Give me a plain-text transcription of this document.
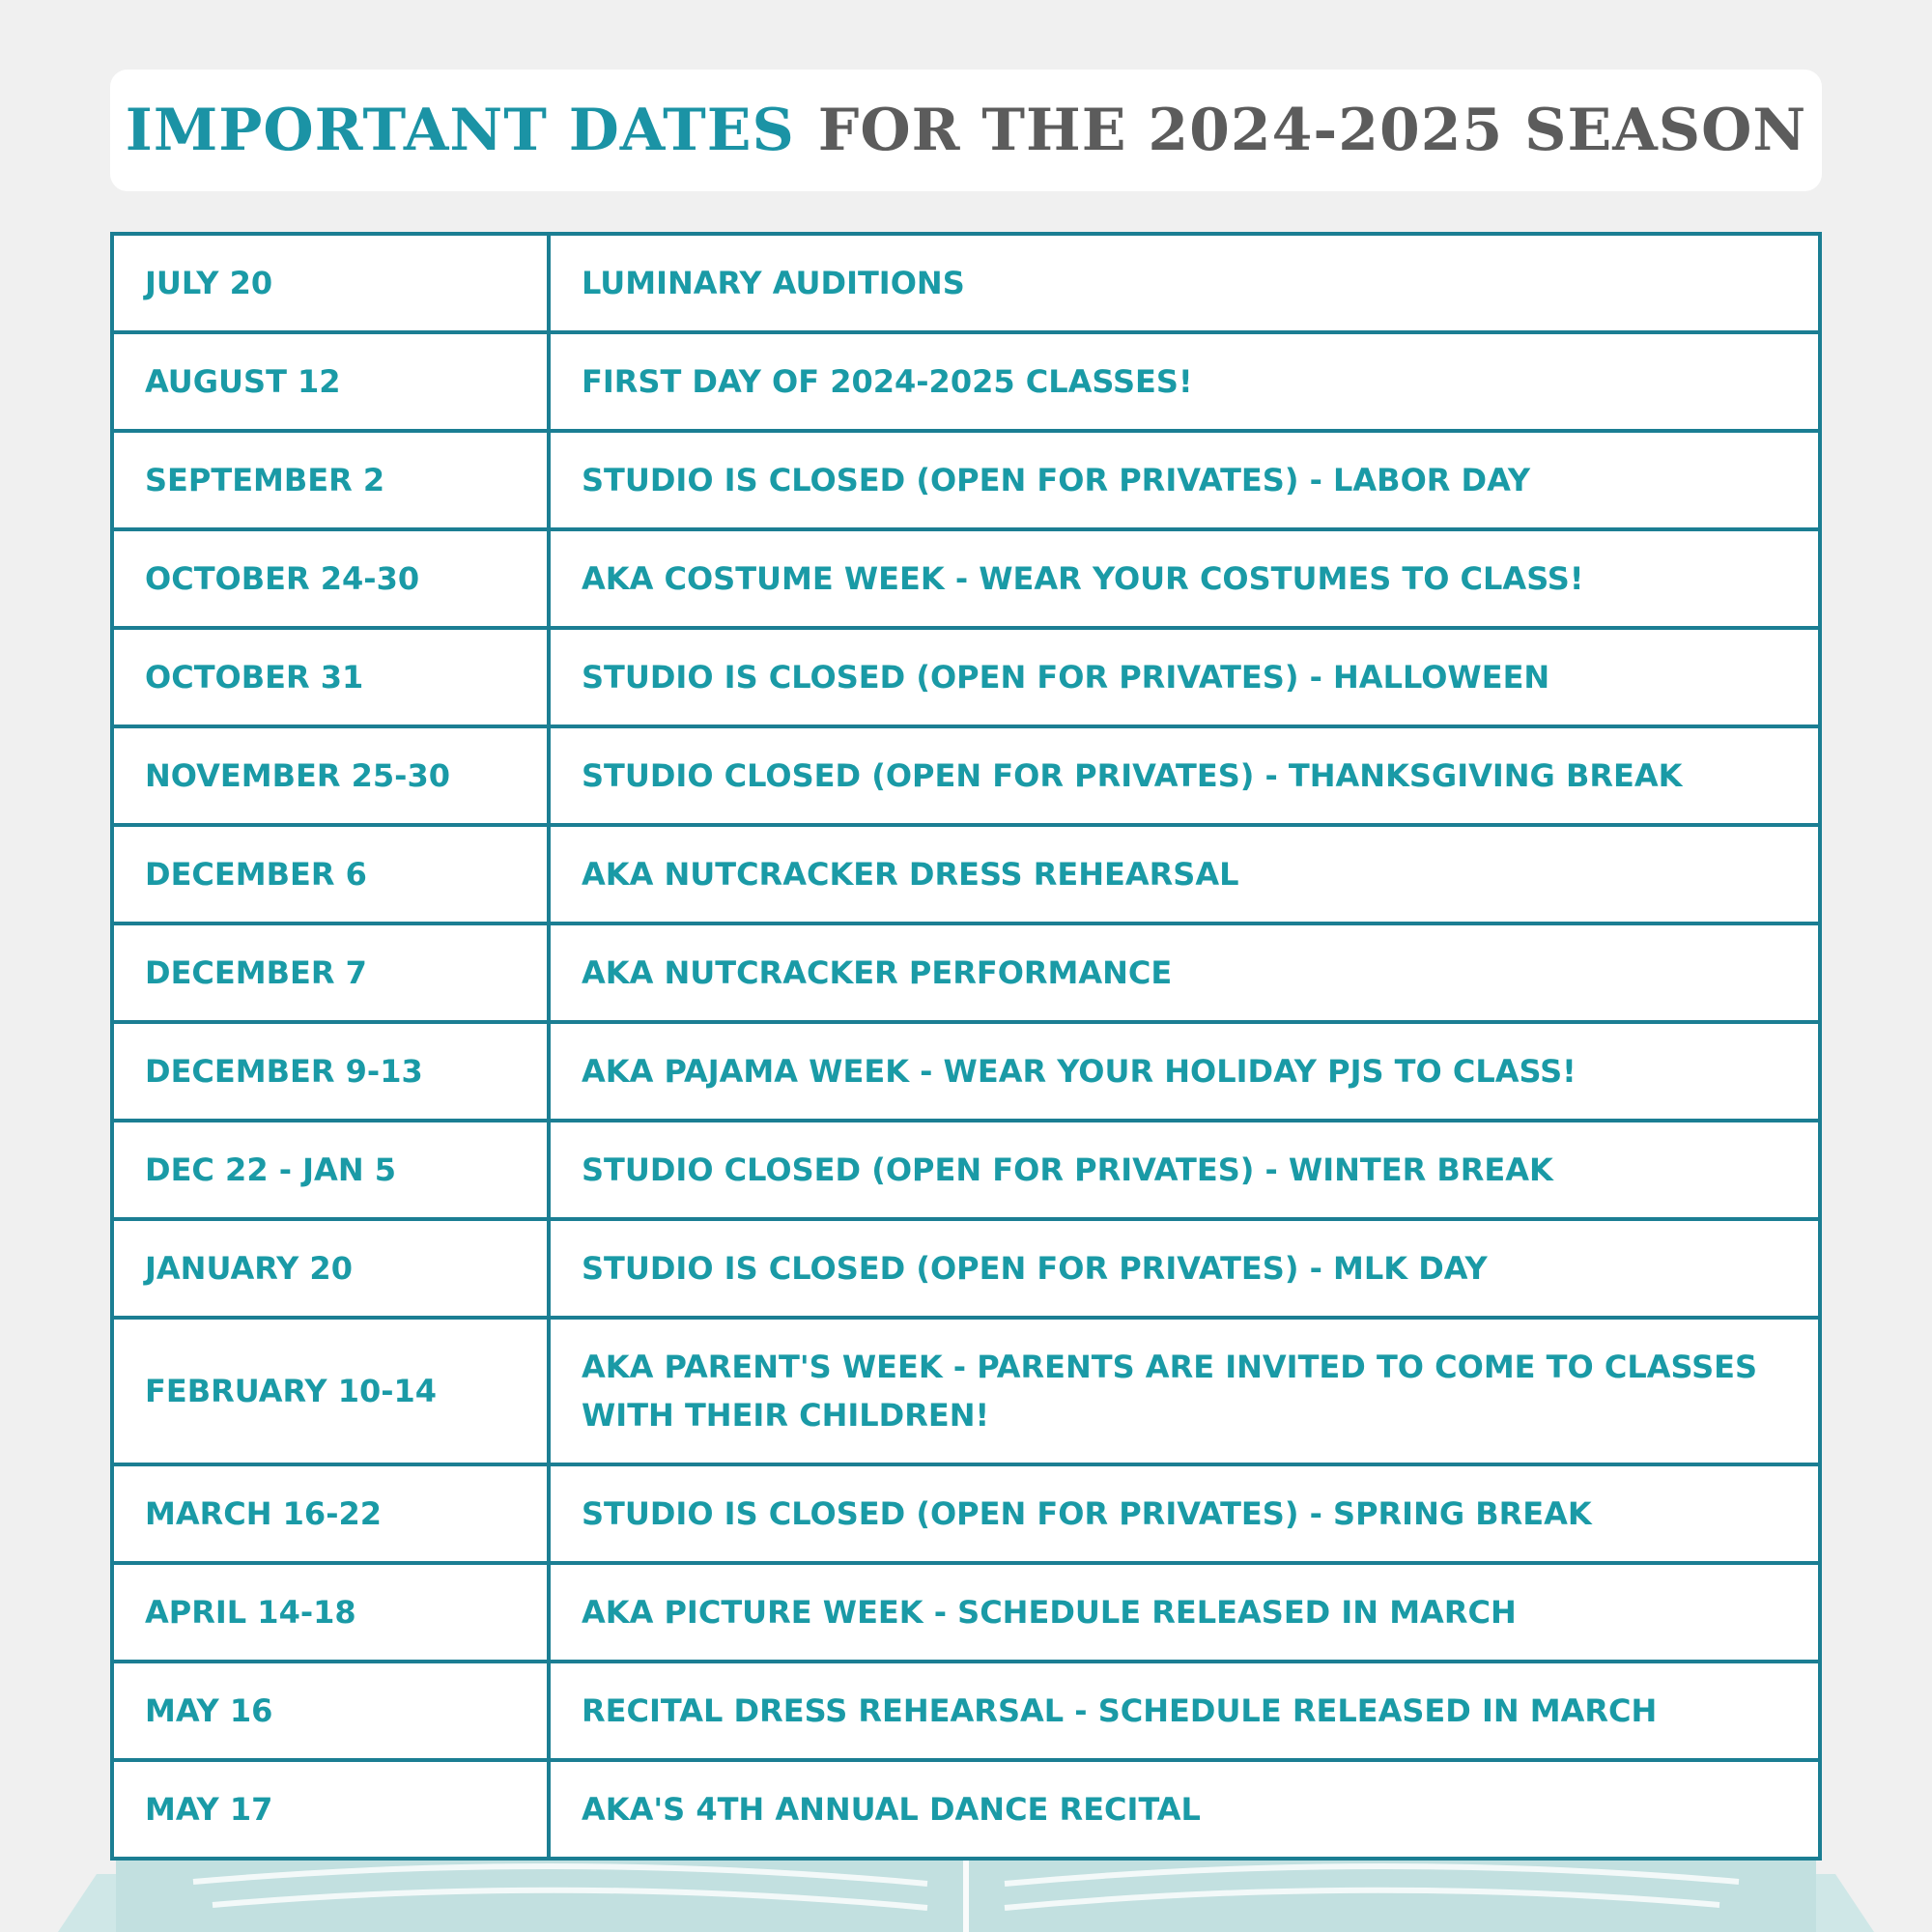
IMPORTANT DATES FOR THE 2024-2025 SEASON
JULY 20	LUMINARY AUDITIONS
AUGUST 12	FIRST DAY OF 2024-2025 CLASSES!
SEPTEMBER 2	STUDIO IS CLOSED (OPEN FOR PRIVATES) - LABOR DAY
OCTOBER 24-30	AKA COSTUME WEEK - WEAR YOUR COSTUMES TO CLASS!
OCTOBER 31	STUDIO IS CLOSED (OPEN FOR PRIVATES) - HALLOWEEN
NOVEMBER 25-30	STUDIO CLOSED (OPEN FOR PRIVATES) - THANKSGIVING BREAK
DECEMBER 6	AKA NUTCRACKER DRESS REHEARSAL
DECEMBER 7	AKA NUTCRACKER PERFORMANCE
DECEMBER 9-13	AKA PAJAMA WEEK - WEAR YOUR HOLIDAY PJS TO CLASS!
DEC 22 - JAN 5	STUDIO CLOSED (OPEN FOR PRIVATES) - WINTER BREAK
JANUARY 20	STUDIO IS CLOSED (OPEN FOR PRIVATES) - MLK DAY
FEBRUARY 10-14	AKA PARENT'S WEEK - PARENTS ARE INVITED TO COME TO CLASSES WITH THEIR CHILDREN!
MARCH 16-22	STUDIO IS CLOSED (OPEN FOR PRIVATES) - SPRING BREAK
APRIL 14-18	AKA PICTURE WEEK - SCHEDULE RELEASED IN MARCH
MAY 16	RECITAL DRESS REHEARSAL - SCHEDULE RELEASED IN MARCH
MAY 17	AKA'S 4TH ANNUAL DANCE RECITAL
